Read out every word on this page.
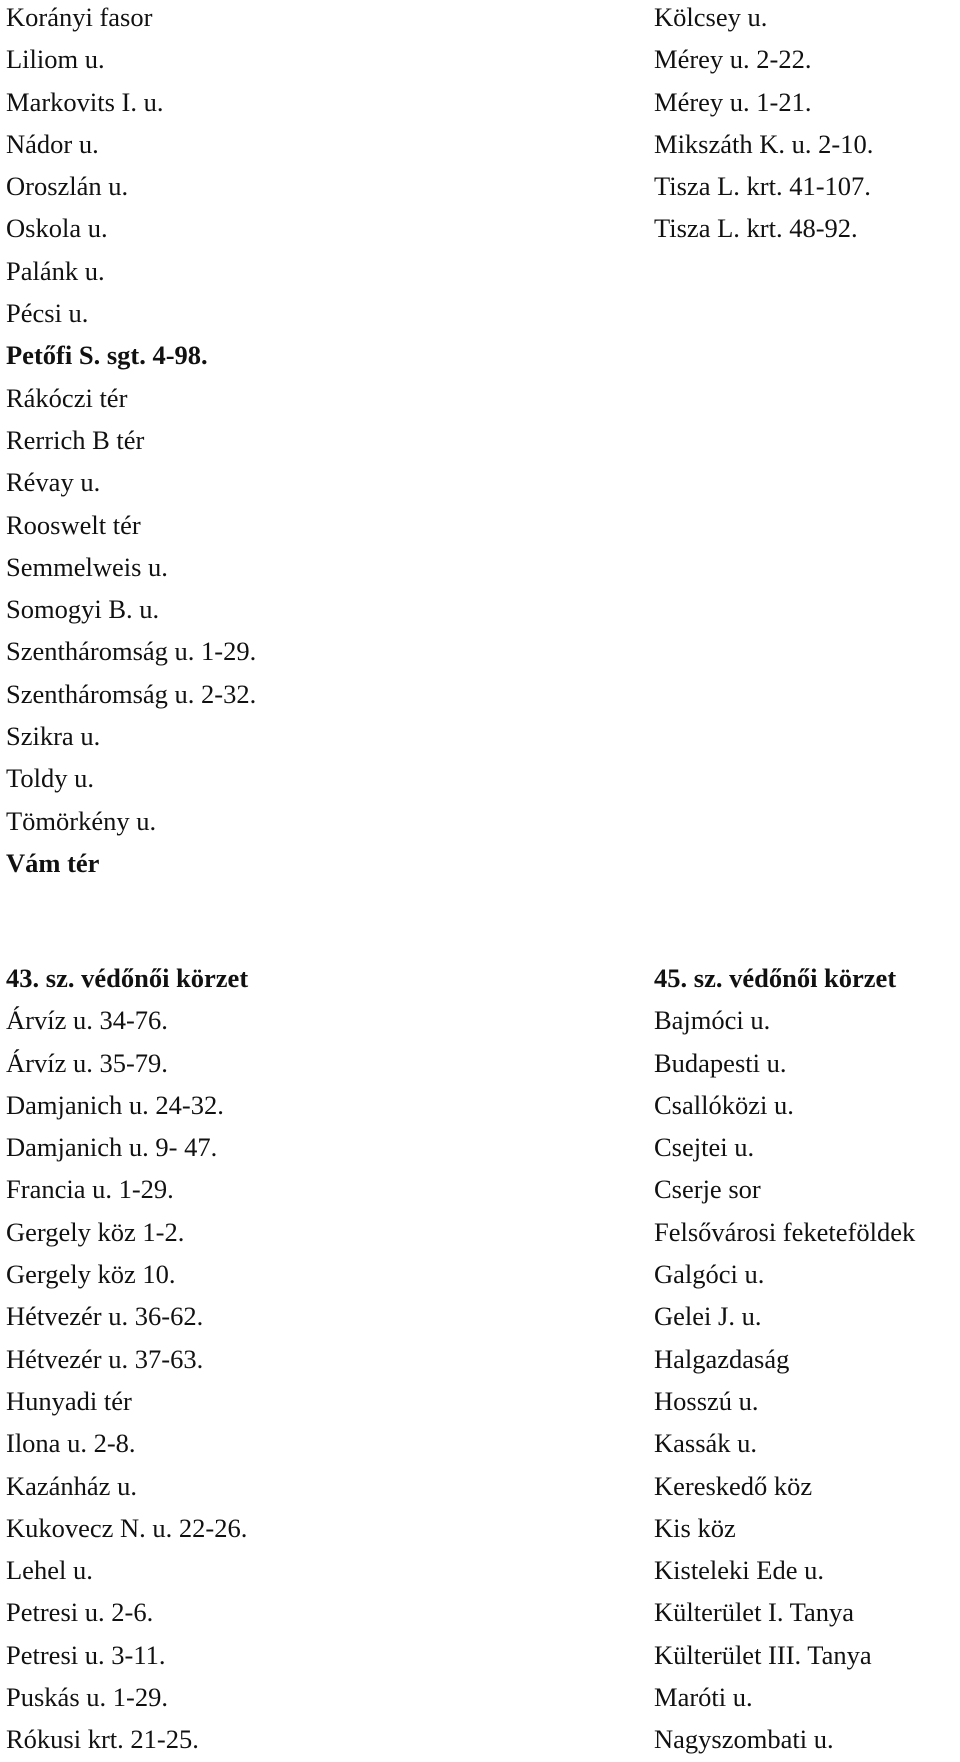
Korányi fasor
Liliom u.
Markovits I. u.
Nádor u.
Oroszlán u.
Oskola u.
Palánk u.
Pécsi u.
Petőfi S. sgt. 4-98.
Rákóczi tér
Rerrich B tér
Révay u.
Rooswelt tér
Semmelweis u.
Somogyi B. u.
Szentháromság u. 1-29.
Szentháromság u. 2-32.
Szikra u.
Toldy u.
Tömörkény u.
Vám tér
Kölcsey u.
Mérey u. 2-22.
Mérey u. 1-21.
Mikszáth K. u. 2-10.
Tisza L. krt. 41-107.
Tisza L. krt. 48-92.
43. sz. védőnői körzet
Árvíz u. 34-76.
Árvíz u. 35-79.
Damjanich u. 24-32.
Damjanich u. 9- 47.
Francia u. 1-29.
Gergely köz 1-2.
Gergely köz 10.
Hétvezér u. 36-62.
Hétvezér u. 37-63.
Hunyadi tér
Ilona u. 2-8.
Kazánház u.
Kukovecz N. u. 22-26.
Lehel u.
Petresi u. 2-6.
Petresi u. 3-11.
Puskás u. 1-29.
Rókusi krt. 21-25.
45. sz. védőnői körzet
Bajmóci u.
Budapesti u.
Csallóközi u.
Csejtei u.
Cserje sor
Felsővárosi feketeföldek
Galgóci u.
Gelei J. u.
Halgazdaság
Hosszú u.
Kassák u.
Kereskedő köz
Kis köz
Kisteleki Ede u.
Külterület I. Tanya
Külterület III. Tanya
Maróti u.
Nagyszombati u.
